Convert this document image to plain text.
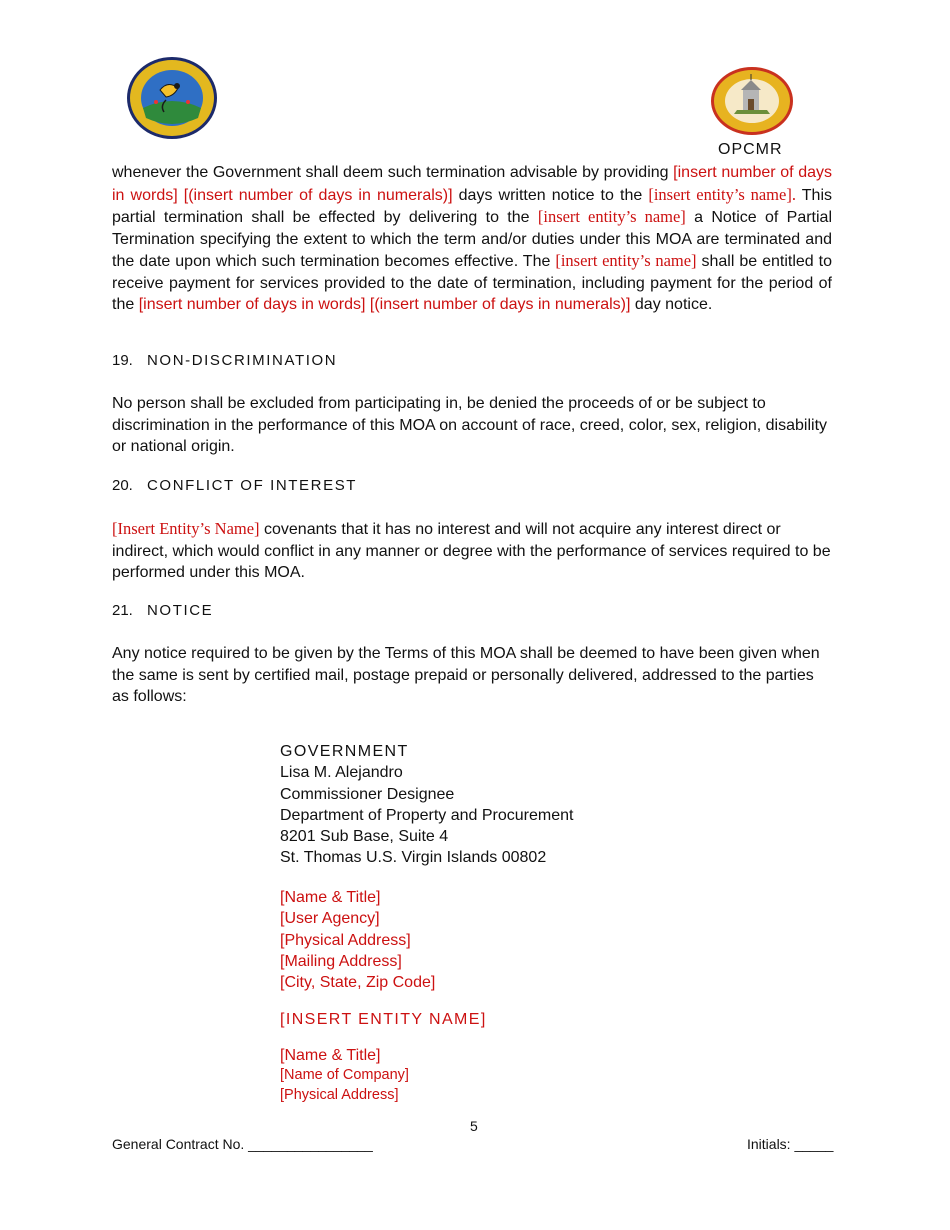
OPCMR
whenever the Government shall deem such termination advisable by providing [insert number of days in words] [(insert number of days in numerals)] days written notice to the [insert entity’s name]. This partial termination shall be effected by delivering to the [insert entity’s name] a Notice of Partial Termination specifying the extent to which the term and/or duties under this MOA are terminated and the date upon which such termination becomes effective. The [insert entity’s name] shall be entitled to receive payment for services provided to the date of termination, including payment for the period of the [insert number of days in words] [(insert number of days in numerals)] day notice.
19. NON-DISCRIMINATION
No person shall be excluded from participating in, be denied the proceeds of or be subject to discrimination in the performance of this MOA on account of race, creed, color, sex, religion, disability or national origin.
20. CONFLICT OF INTEREST
[Insert Entity’s Name] covenants that it has no interest and will not acquire any interest direct or indirect, which would conflict in any manner or degree with the performance of services required to be performed under this MOA.
21. NOTICE
Any notice required to be given by the Terms of this MOA shall be deemed to have been given when the same is sent by certified mail, postage prepaid or personally delivered, addressed to the parties as follows:
GOVERNMENT
Lisa M. Alejandro
Commissioner Designee
Department of Property and Procurement
8201 Sub Base, Suite 4
St. Thomas U.S. Virgin Islands 00802
[Name & Title]
[User Agency]
[Physical Address]
[Mailing Address]
[City, State, Zip Code]
[INSERT ENTITY NAME]
[Name & Title]
[Name of Company]
[Physical Address]
5
General Contract No. ________________	Initials: _____
